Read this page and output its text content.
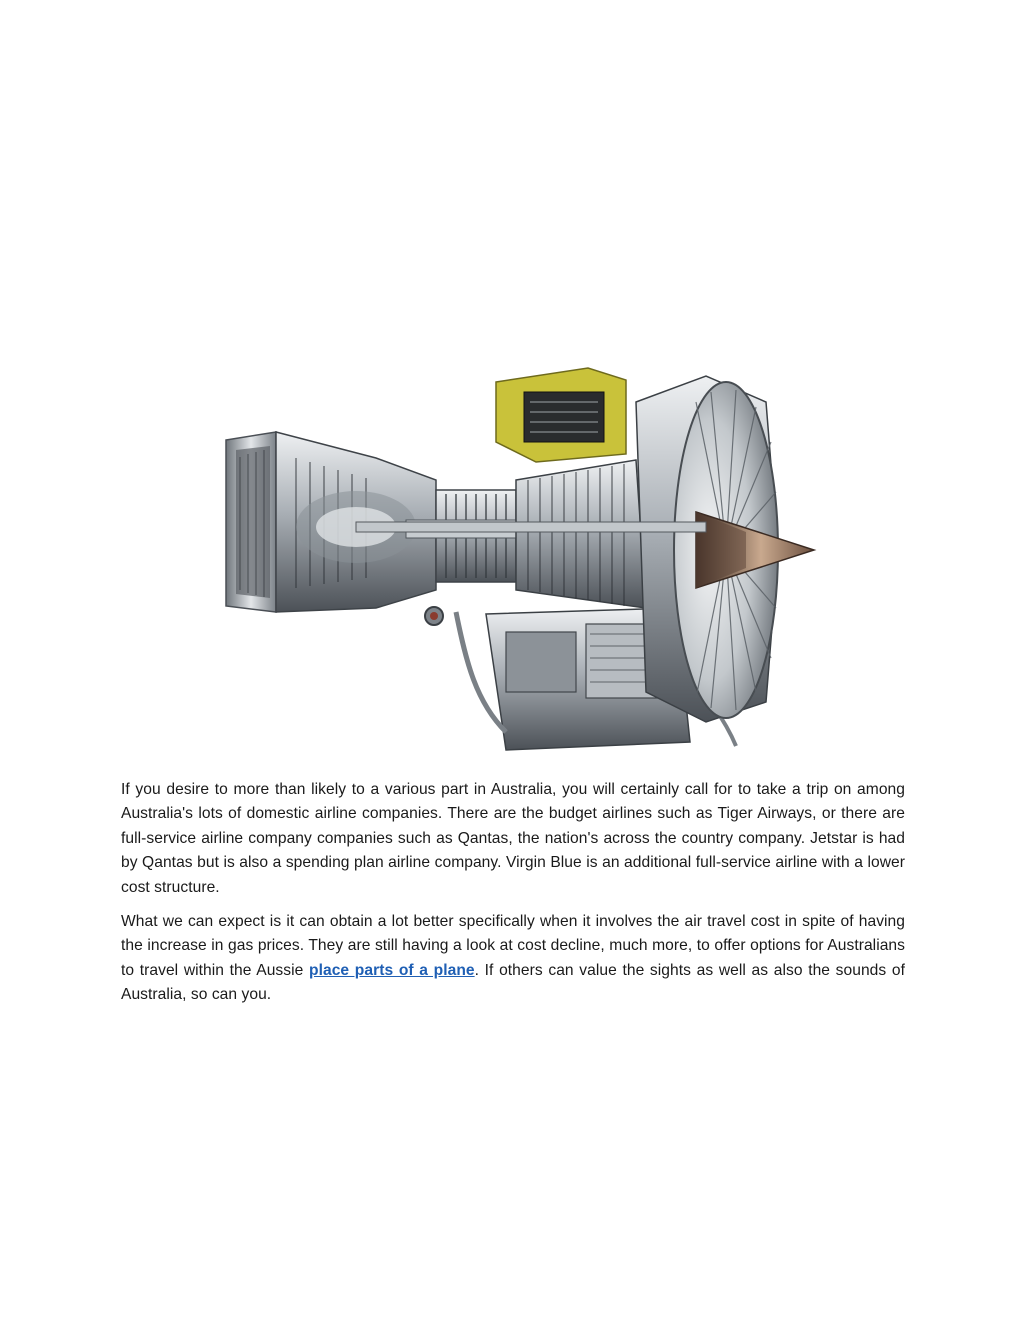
If you desire to more than likely to a various part in Australia, you will certainly call for to take a trip on among Australia's lots of domestic airline companies. There are the budget airlines such as Tiger Airways, or there are full-service airline company companies such as Qantas, the nation's across the country company. Jetstar is had by Qantas but is also a spending plan airline company. Virgin Blue is an additional full-service airline with a lower cost structure.

What we can expect is it can obtain a lot better specifically when it involves the air travel cost in spite of having the increase in gas prices. They are still having a look at cost decline, much more, to offer options for Australians to travel within the Aussie place parts of a plane. If others can value the sights as well as also the sounds of Australia, so can you.
